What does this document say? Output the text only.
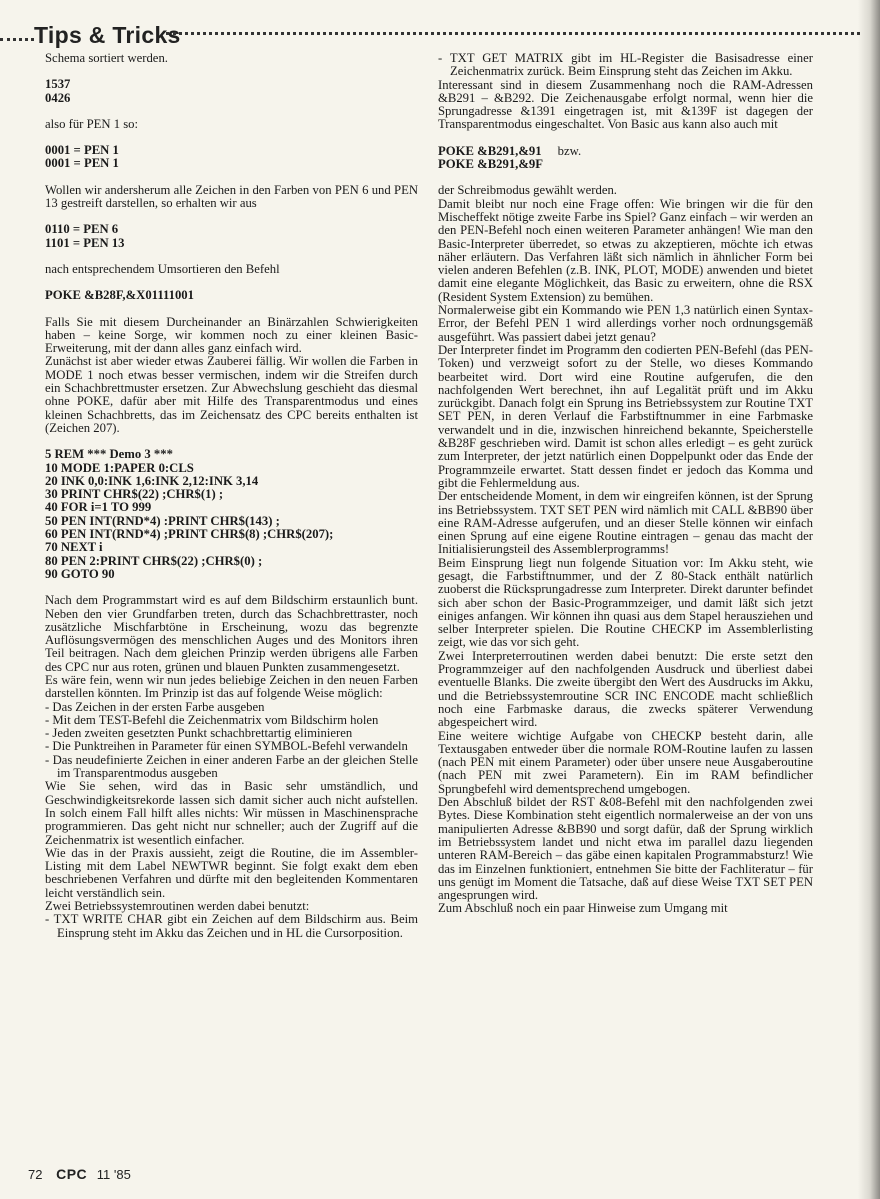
Tips & Tricks

Schema sortiert werden.

1537
0426

also für PEN 1 so:

0001 = PEN 1
0001 = PEN 1

Wollen wir andersherum alle Zeichen in den Farben von PEN 6 und PEN 13 gestreift darstellen, so erhalten wir aus

0110 = PEN 6
1101 = PEN 13

nach entsprechendem Umsortieren den Befehl

POKE &B28F,&X01111001

Falls Sie mit diesem Durcheinander an Binärzahlen Schwierigkeiten haben – keine Sorge, wir kommen noch zu einer kleinen Basic-Erweiterung, mit der dann alles ganz einfach wird.

Zunächst ist aber wieder etwas Zauberei fällig. Wir wollen die Farben in MODE 1 noch etwas besser vermischen, indem wir die Streifen durch ein Schachbrettmuster ersetzen. Zur Abwechslung geschieht das diesmal ohne POKE, dafür aber mit Hilfe des Transparentmodus und eines kleinen Schachbretts, das im Zeichensatz des CPC bereits enthalten ist (Zeichen 207).

5 REM *** Demo 3 ***
10 MODE 1:PAPER 0:CLS
20 INK 0,0:INK 1,6:INK 2,12:INK 3,14
30 PRINT CHR$(22) ;CHR$(1) ;
40 FOR i=1 TO 999
50 PEN INT(RND*4) :PRINT CHR$(143) ;
60 PEN INT(RND*4) ;PRINT CHR$(8) ;CHR$(207);
70 NEXT i
80 PEN 2:PRINT CHR$(22) ;CHR$(0) ;
90 GOTO 90

Nach dem Programmstart wird es auf dem Bildschirm erstaunlich bunt. Neben den vier Grundfarben treten, durch das Schachbrettraster, noch zusätzliche Mischfarbtöne in Erscheinung, wozu das begrenzte Auflösungsvermögen des menschlichen Auges und des Monitors ihren Teil beitragen. Nach dem gleichen Prinzip werden übrigens alle Farben des CPC nur aus roten, grünen und blauen Punkten zusammengesetzt.

Es wäre fein, wenn wir nun jedes beliebige Zeichen in den neuen Farben darstellen könnten. Im Prinzip ist das auf folgende Weise möglich:

- Das Zeichen in der ersten Farbe ausgeben
- Mit dem TEST-Befehl die Zeichenmatrix vom Bildschirm holen
- Jeden zweiten gesetzten Punkt schachbrettartig eliminieren
- Die Punktreihen in Parameter für einen SYMBOL-Befehl verwandeln
- Das neudefinierte Zeichen in einer anderen Farbe an der gleichen Stelle im Transparentmodus ausgeben

Wie Sie sehen, wird das in Basic sehr umständlich, und Geschwindigkeitsrekorde lassen sich damit sicher auch nicht aufstellen. In solch einem Fall hilft alles nichts: Wir müssen in Maschinensprache programmieren. Das geht nicht nur schneller; auch der Zugriff auf die Zeichenmatrix ist wesentlich einfacher.

Wie das in der Praxis aussieht, zeigt die Routine, die im Assembler-Listing mit dem Label NEWTWR beginnt. Sie folgt exakt dem eben beschriebenen Verfahren und dürfte mit den begleitenden Kommentaren leicht verständlich sein.

Zwei Betriebssystemroutinen werden dabei benutzt:

- TXT WRITE CHAR gibt ein Zeichen auf dem Bildschirm aus. Beim Einsprung steht im Akku das Zeichen und in HL die Cursorposition.
- TXT GET MATRIX gibt im HL-Register die Basisadresse einer Zeichenmatrix zurück. Beim Einsprung steht das Zeichen im Akku.

Interessant sind in diesem Zusammenhang noch die RAM-Adressen &B291 – &B292. Die Zeichenausgabe erfolgt normal, wenn hier die Sprungadresse &1391 eingetragen ist, mit &139F ist dagegen der Transparentmodus eingeschaltet. Von Basic aus kann also auch mit

POKE &B291,&91 bzw.
POKE &B291,&9F

der Schreibmodus gewählt werden.

Damit bleibt nur noch eine Frage offen: Wie bringen wir die für den Mischeffekt nötige zweite Farbe ins Spiel? Ganz einfach – wir werden an den PEN-Befehl noch einen weiteren Parameter anhängen! Wie man den Basic-Interpreter überredet, so etwas zu akzeptieren, möchte ich etwas näher erläutern. Das Verfahren läßt sich nämlich in ähnlicher Form bei vielen anderen Befehlen (z.B. INK, PLOT, MODE) anwenden und bietet damit eine elegante Möglichkeit, das Basic zu erweitern, ohne die RSX (Resident System Extension) zu bemühen.

Normalerweise gibt ein Kommando wie PEN 1,3 natürlich einen Syntax-Error, der Befehl PEN 1 wird allerdings vorher noch ordnungsgemäß ausgeführt. Was passiert dabei jetzt genau?

Der Interpreter findet im Programm den codierten PEN-Befehl (das PEN-Token) und verzweigt sofort zu der Stelle, wo dieses Kommando bearbeitet wird. Dort wird eine Routine aufgerufen, die den nachfolgenden Wert berechnet, ihn auf Legalität prüft und im Akku zurückgibt. Danach folgt ein Sprung ins Betriebssystem zur Routine TXT SET PEN, in deren Verlauf die Farbstiftnummer in eine Farbmaske verwandelt und in die, inzwischen hinreichend bekannte, Speicherstelle &B28F geschrieben wird. Damit ist schon alles erledigt – es geht zurück zum Interpreter, der jetzt natürlich einen Doppelpunkt oder das Ende der Programmzeile erwartet. Statt dessen findet er jedoch das Komma und gibt die Fehlermeldung aus.

Der entscheidende Moment, in dem wir eingreifen können, ist der Sprung ins Betriebssystem. TXT SET PEN wird nämlich mit CALL &BB90 über eine RAM-Adresse aufgerufen, und an dieser Stelle können wir einfach einen Sprung auf eine eigene Routine eintragen – genau das macht der Initialisierungsteil des Assemblerprogramms!

Beim Einsprung liegt nun folgende Situation vor: Im Akku steht, wie gesagt, die Farbstiftnummer, und der Z 80-Stack enthält natürlich zuoberst die Rücksprungadresse zum Interpreter. Direkt darunter befindet sich aber schon der Basic-Programmzeiger, und damit läßt sich jetzt einiges anfangen. Wir können ihn quasi aus dem Stapel herausziehen und selber Interpreter spielen. Die Routine CHECKP im Assemblerlisting zeigt, wie das vor sich geht.

Zwei Interpreterroutinen werden dabei benutzt: Die erste setzt den Programmzeiger auf den nachfolgenden Ausdruck und überliest dabei eventuelle Blanks. Die zweite übergibt den Wert des Ausdrucks im Akku, und die Betriebssystemroutine SCR INC ENCODE macht schließlich noch eine Farbmaske daraus, die zwecks späterer Verwendung abgespeichert wird.

Eine weitere wichtige Aufgabe von CHECKP besteht darin, alle Textausgaben entweder über die normale ROM-Routine laufen zu lassen (nach PEN mit einem Parameter) oder über unsere neue Ausgaberoutine (nach PEN mit zwei Parametern). Ein im RAM befindlicher Sprungbefehl wird dementsprechend umgebogen.

Den Abschluß bildet der RST &08-Befehl mit den nachfolgenden zwei Bytes. Diese Kombination steht eigentlich normalerweise an der von uns manipulierten Adresse &BB90 und sorgt dafür, daß der Sprung wirklich im Betriebssystem landet und nicht etwa im parallel dazu liegenden unteren RAM-Bereich – das gäbe einen kapitalen Programmabsturz! Wie das im Einzelnen funktioniert, entnehmen Sie bitte der Fachliteratur – für uns genügt im Moment die Tatsache, daß auf diese Weise TXT SET PEN angesprungen wird.

Zum Abschluß noch ein paar Hinweise zum Umgang mit

72 CPC 11 '85
